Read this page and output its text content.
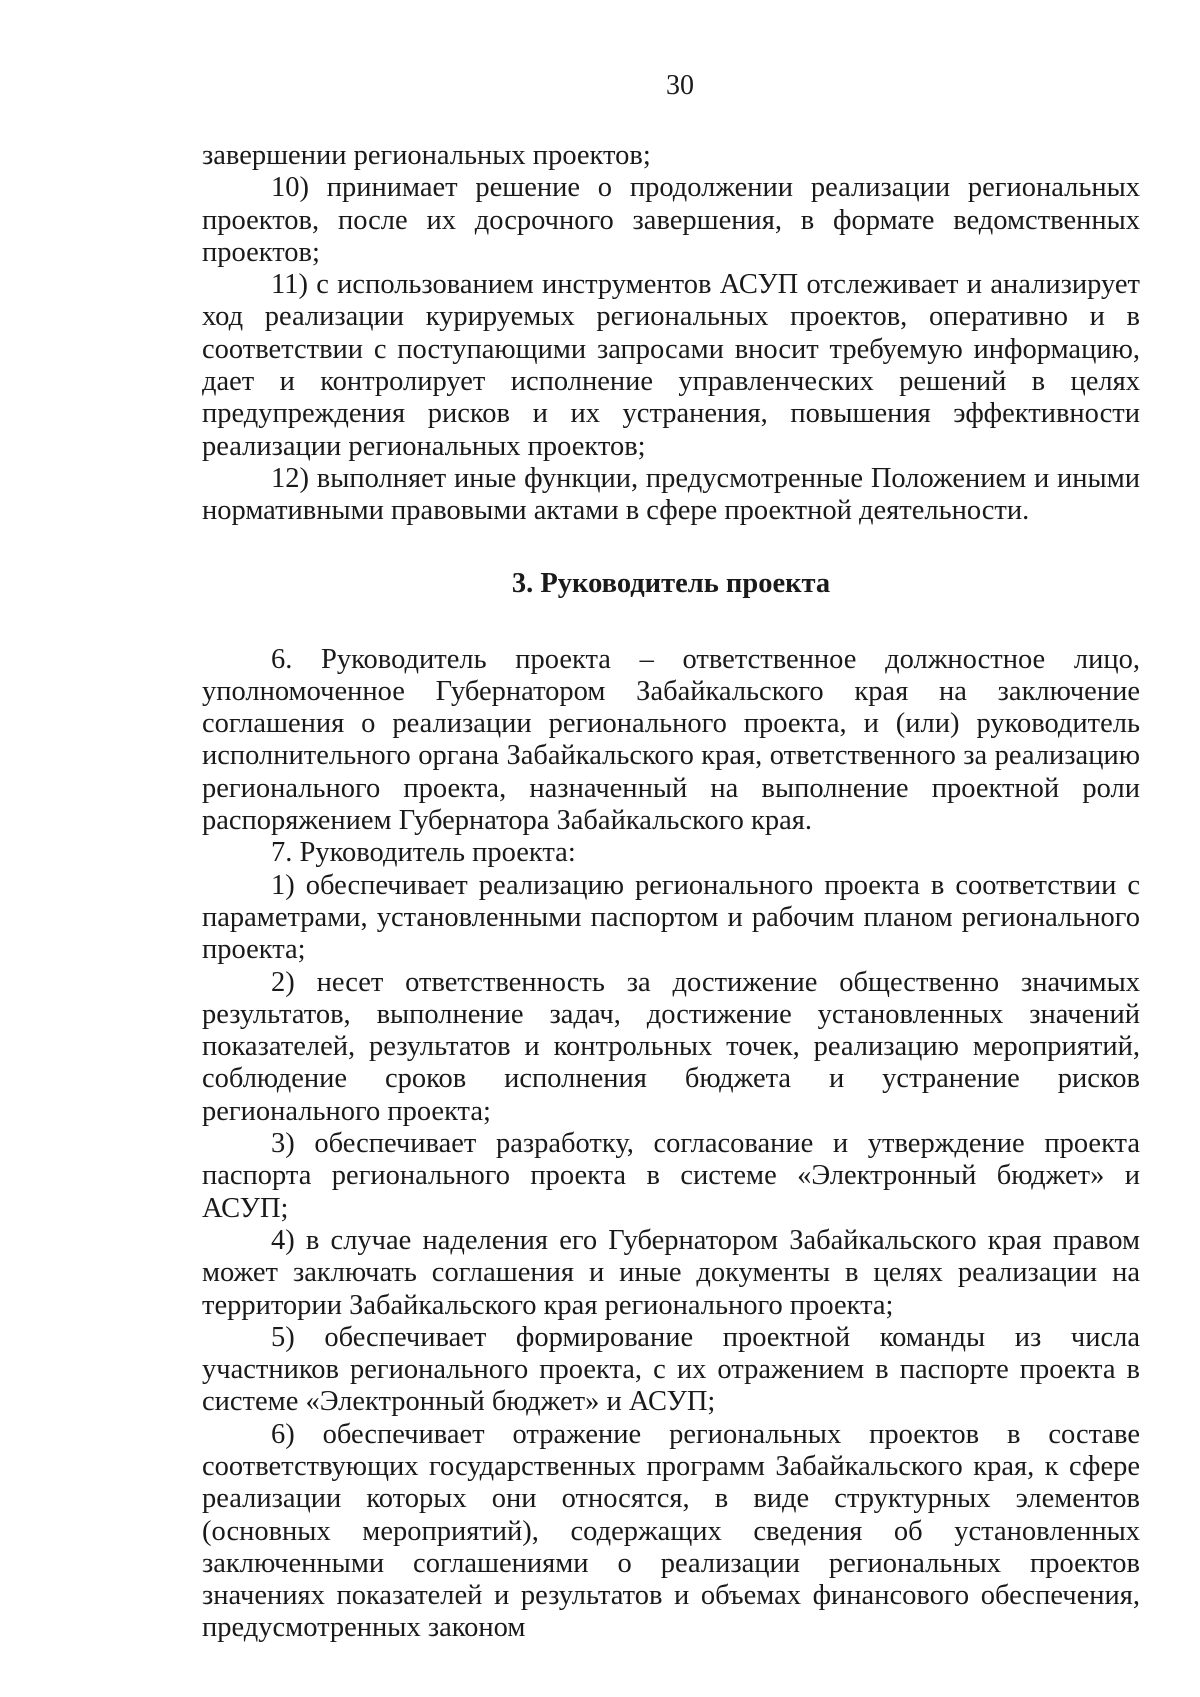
30

завершении региональных проектов;

10) принимает решение о продолжении реализации региональных проектов, после их досрочного завершения, в формате ведомственных проектов;

11) с использованием инструментов АСУП отслеживает и анализирует ход реализации курируемых региональных проектов, оперативно и в соответствии с поступающими запросами вносит требуемую информацию, дает и контролирует исполнение управленческих решений в целях предупреждения рисков и их устранения, повышения эффективности реализации региональных проектов;

12) выполняет иные функции, предусмотренные Положением и иными нормативными правовыми актами в сфере проектной деятельности.

3. Руководитель проекта

6. Руководитель проекта – ответственное должностное лицо, уполномоченное Губернатором Забайкальского края на заключение соглашения о реализации регионального проекта, и (или) руководитель исполнительного органа Забайкальского края, ответственного за реализацию регионального проекта, назначенный на выполнение проектной роли распоряжением Губернатора Забайкальского края.

7. Руководитель проекта:

1) обеспечивает реализацию регионального проекта в соответствии с параметрами, установленными паспортом и рабочим планом регионального проекта;

2) несет ответственность за достижение общественно значимых результатов, выполнение задач, достижение установленных значений показателей, результатов и контрольных точек, реализацию мероприятий, соблюдение сроков исполнения бюджета и устранение рисков регионального проекта;

3) обеспечивает разработку, согласование и утверждение проекта паспорта регионального проекта в системе «Электронный бюджет» и АСУП;

4) в случае наделения его Губернатором Забайкальского края правом может заключать соглашения и иные документы в целях реализации на территории Забайкальского края регионального проекта;

5) обеспечивает формирование проектной команды из числа участников регионального проекта, с их отражением в паспорте проекта в системе «Электронный бюджет» и АСУП;

6) обеспечивает отражение региональных проектов в составе соответствующих государственных программ Забайкальского края, к сфере реализации которых они относятся, в виде структурных элементов (основных мероприятий), содержащих сведения об установленных заключенными соглашениями о реализации региональных проектов значениях показателей и результатов и объемах финансового обеспечения, предусмотренных законом
